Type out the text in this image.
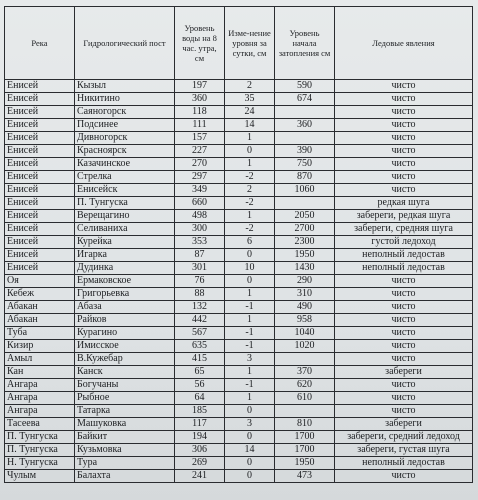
Река	Гидрологический пост	Уровень воды на 8 час. утра, см	Изме-нение уровня за сутки, см	Уровень начала затопления см	Ледовые явления
Енисей	Кызыл	197	2	590	чисто
Енисей	Никитино	360	35	674	чисто
Енисей	Саяногорск	118	24		чисто
Енисей	Подсинее	111	14	360	чисто
Енисей	Дивногорск	157	1		чисто
Енисей	Красноярск	227	0	390	чисто
Енисей	Казачинское	270	1	750	чисто
Енисей	Стрелка	297	-2	870	чисто
Енисей	Енисейск	349	2	1060	чисто
Енисей	П. Тунгуска	660	-2		редкая шуга
Енисей	Верещагино	498	1	2050	забереги, редкая шуга
Енисей	Селиваниха	300	-2	2700	забереги, средняя шуга
Енисей	Курейка	353	6	2300	густой ледоход
Енисей	Игарка	87	0	1950	неполный ледостав
Енисей	Дудинка	301	10	1430	неполный ледостав
Оя	Ермаковское	76	0	290	чисто
Кебеж	Григорьевка	88	1	310	чисто
Абакан	Абаза	132	-1	490	чисто
Абакан	Райков	442	1	958	чисто
Туба	Курагино	567	-1	1040	чисто
Кизир	Имисское	635	-1	1020	чисто
Амыл	В.Кужебар	415	3		чисто
Кан	Канск	65	1	370	забереги
Ангара	Богучаны	56	-1	620	чисто
Ангара	Рыбное	64	1	610	чисто
Ангара	Татарка	185	0		чисто
Тасеева	Машуковка	117	3	810	забереги
П. Тунгуска	Байкит	194	0	1700	забереги, средний ледоход
П. Тунгуска	Кузьмовка	306	14	1700	забереги, густая шуга
Н. Тунгуска	Тура	269	0	1950	неполный ледостав
Чулым	Балахта	241	0	473	чисто
